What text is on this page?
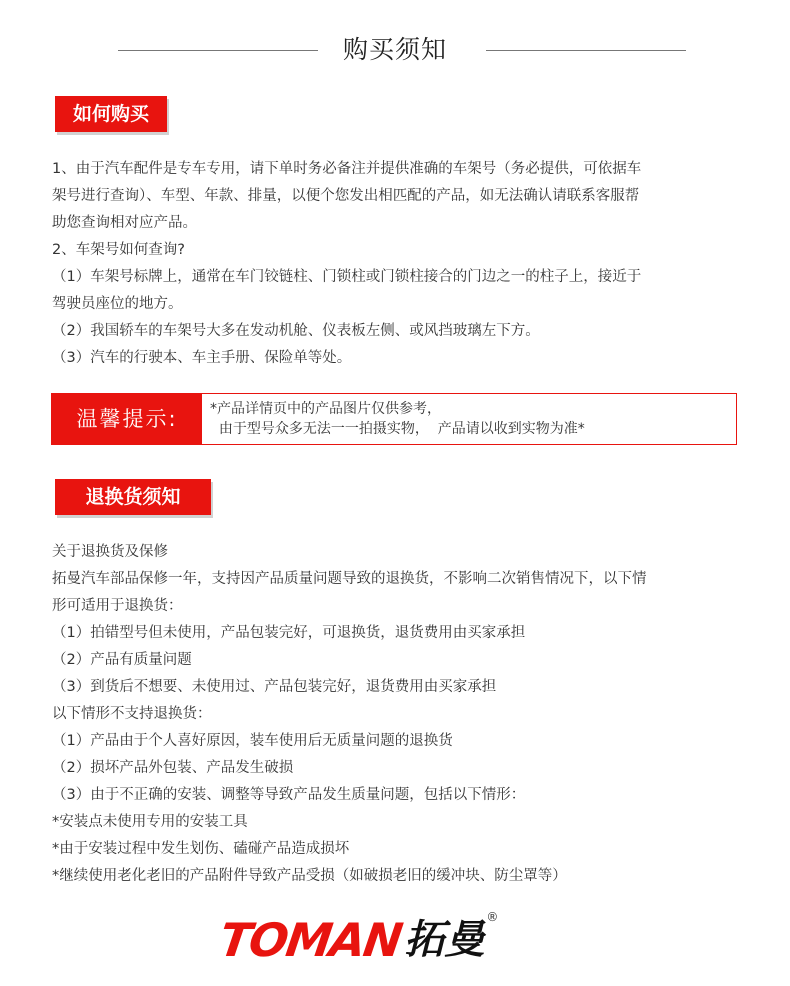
购买须知
如何购买

1、由于汽车配件是专车专用，请下单时务必备注并提供准确的车架号（务必提供，可依据车

架号进行查询）、车型、年款、排量，以便个您发出相匹配的产品，如无法确认请联系客服帮

助您查询相对应产品。

2、车架号如何查询?

（1）车架号标牌上，通常在车门铰链柱、门锁柱或门锁柱接合的门边之一的柱子上，接近于

驾驶员座位的地方。

（2）我国轿车的车架号大多在发动机舱、仪表板左侧、或风挡玻璃左下方。

（3）汽车的行驶本、车主手册、保险单等处。

温馨提示:	*产品详情页中的产品图片仅供参考，
由于型号众多无法一一拍摄实物，  产品请以收到实物为准*
退换货须知

关于退换货及保修

拓曼汽车部品保修一年，支持因产品质量问题导致的退换货，不影响二次销售情况下，以下情

形可适用于退换货：

（1）拍错型号但未使用，产品包装完好，可退换货，退货费用由买家承担

（2）产品有质量问题

（3）到货后不想要、未使用过、产品包装完好，退货费用由买家承担

以下情形不支持退换货：

（1）产品由于个人喜好原因，装车使用后无质量问题的退换货

（2）损坏产品外包装、产品发生破损

（3）由于不正确的安装、调整等导致产品发生质量问题，包括以下情形：

*安装点未使用专用的安装工具

*由于安装过程中发生划伤、磕碰产品造成损坏

*继续使用老化老旧的产品附件导致产品受损（如破损老旧的缓冲块、防尘罩等）

TOMAN 拓曼 ®
